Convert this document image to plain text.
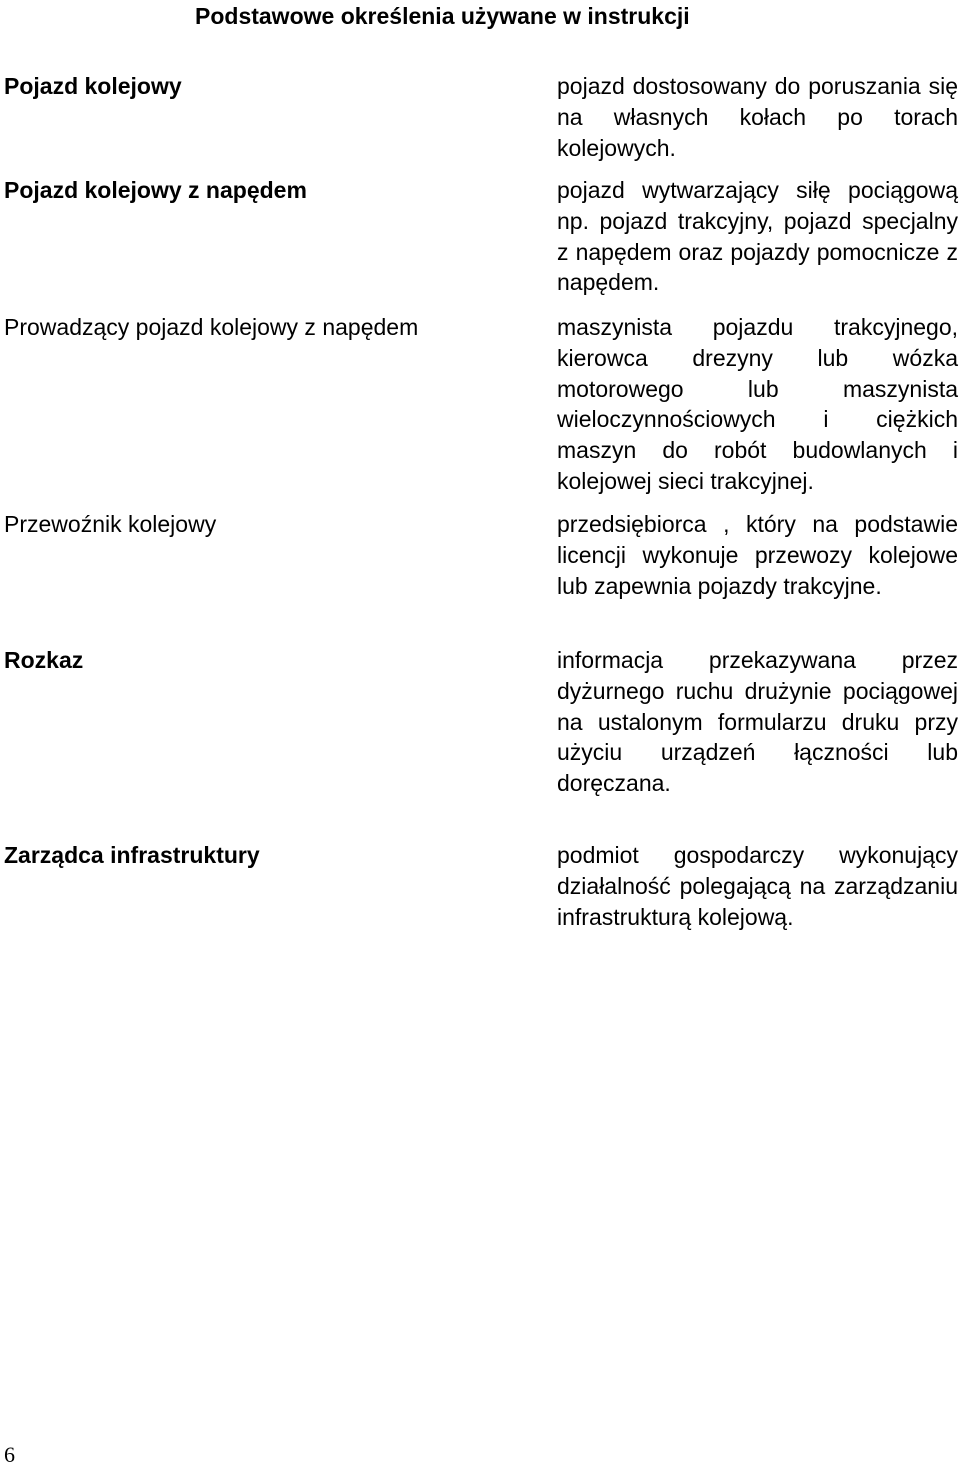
Podstawowe określenia używane w instrukcji
Pojazd kolejowy	pojazd dostosowany do poruszania się na własnych kołach po torach kolejowych.
Pojazd kolejowy z napędem	pojazd wytwarzający siłę pociągową np. pojazd trakcyjny, pojazd specjalny z napędem oraz pojazdy pomocnicze z napędem.
Prowadzący pojazd kolejowy z napędem	maszynista pojazdu trakcyjnego, kierowca drezyny lub wózka motorowego lub maszynista wieloczynnościowych i ciężkich maszyn do robót budowlanych i kolejowej sieci trakcyjnej.
Przewoźnik kolejowy	przedsiębiorca , który na podstawie licencji wykonuje przewozy kolejowe lub zapewnia pojazdy trakcyjne.
Rozkaz	informacja przekazywana przez dyżurnego ruchu drużynie pociągowej na ustalonym formularzu druku przy użyciu urządzeń łączności lub doręczana.
Zarządca infrastruktury	podmiot gospodarczy wykonujący działalność polegającą na zarządzaniu infrastrukturą kolejową.
6
